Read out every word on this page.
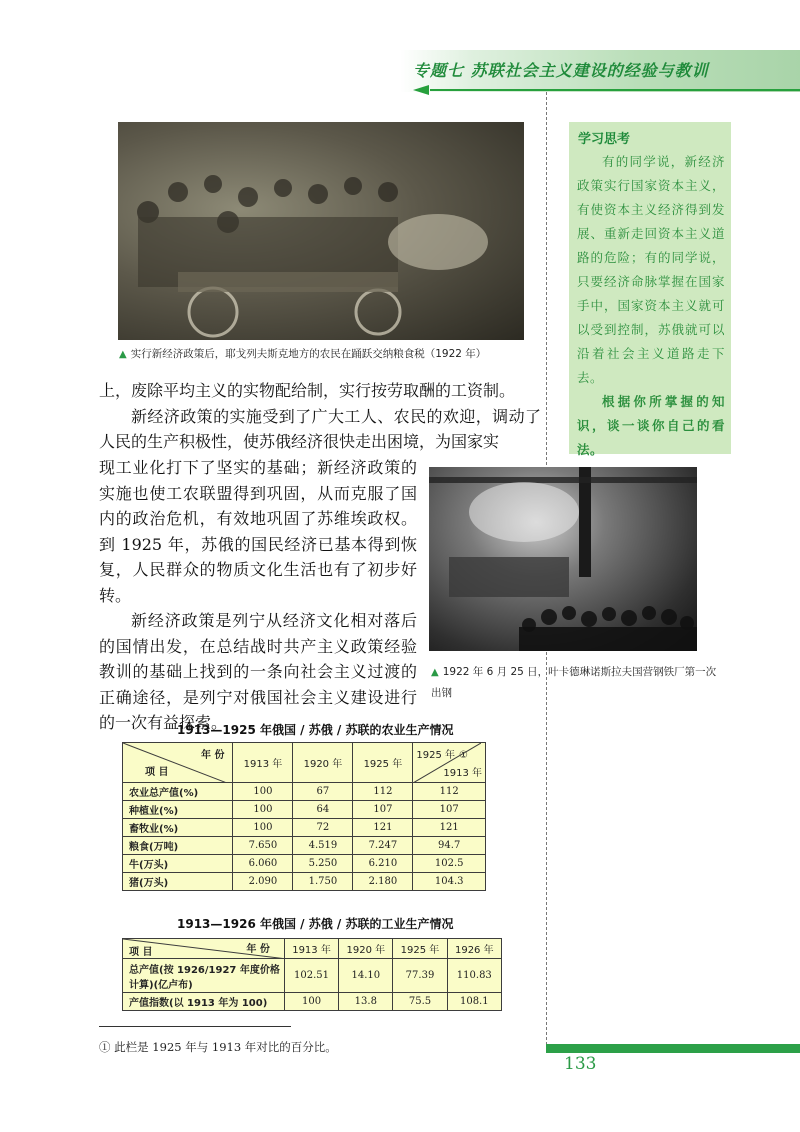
专题七 苏联社会主义建设的经验与教训
▲ 实行新经济政策后，耶戈列夫斯克地方的农民在踊跃交纳粮食税（1922 年）
学习思考

有的同学说，新经济政策实行国家资本主义，有使资本主义经济得到发展、重新走回资本主义道路的危险；有的同学说，只要经济命脉掌握在国家手中，国家资本主义就可以受到控制，苏俄就可以沿着社会主义道路走下去。

根据你所掌握的知识，谈一谈你自己的看法。

上，废除平均主义的实物配给制，实行按劳取酬的工资制。

新经济政策的实施受到了广大工人、农民的欢迎，调动了人民的生产积极性，使苏俄经济很快走出困境，为国家实

现工业化打下了坚实的基础；新经济政策的实施也使工农联盟得到巩固，从而克服了国内的政治危机，有效地巩固了苏维埃政权。到 1925 年，苏俄的国民经济已基本得到恢复，人民群众的物质文化生活也有了初步好转。

新经济政策是列宁从经济文化相对落后的国情出发，在总结战时共产主义政策经验教训的基础上找到的一条向社会主义过渡的正确途径，是列宁对俄国社会主义建设进行的一次有益探索。

▲ 1922 年 6 月 25 日，叶卡德琳诺斯拉夫国营钢铁厂第一次出钢
1913—1925 年俄国 / 苏俄 / 苏联的农业生产情况
年 份
项 目	1913 年	1920 年	1925 年	1925 年 ①
1913 年

农业总产值(%)	100	67	112	112
种植业(%)	100	64	107	107
畜牧业(%)	100	72	121	121
粮食(万吨)	7.650	4.519	7.247	94.7
牛(万头)	6.060	5.250	6.210	102.5
猪(万头)	2.090	1.750	2.180	104.3
1913—1926 年俄国 / 苏俄 / 苏联的工业生产情况
年 份
项 目	1913 年	1920 年	1925 年	1926 年
总产值(按 1926/1927 年度价格计算)(亿卢布)	102.51	14.10	77.39	110.83
产值指数(以 1913 年为 100)	100	13.8	75.5	108.1
① 此栏是 1925 年与 1913 年对比的百分比。
133
